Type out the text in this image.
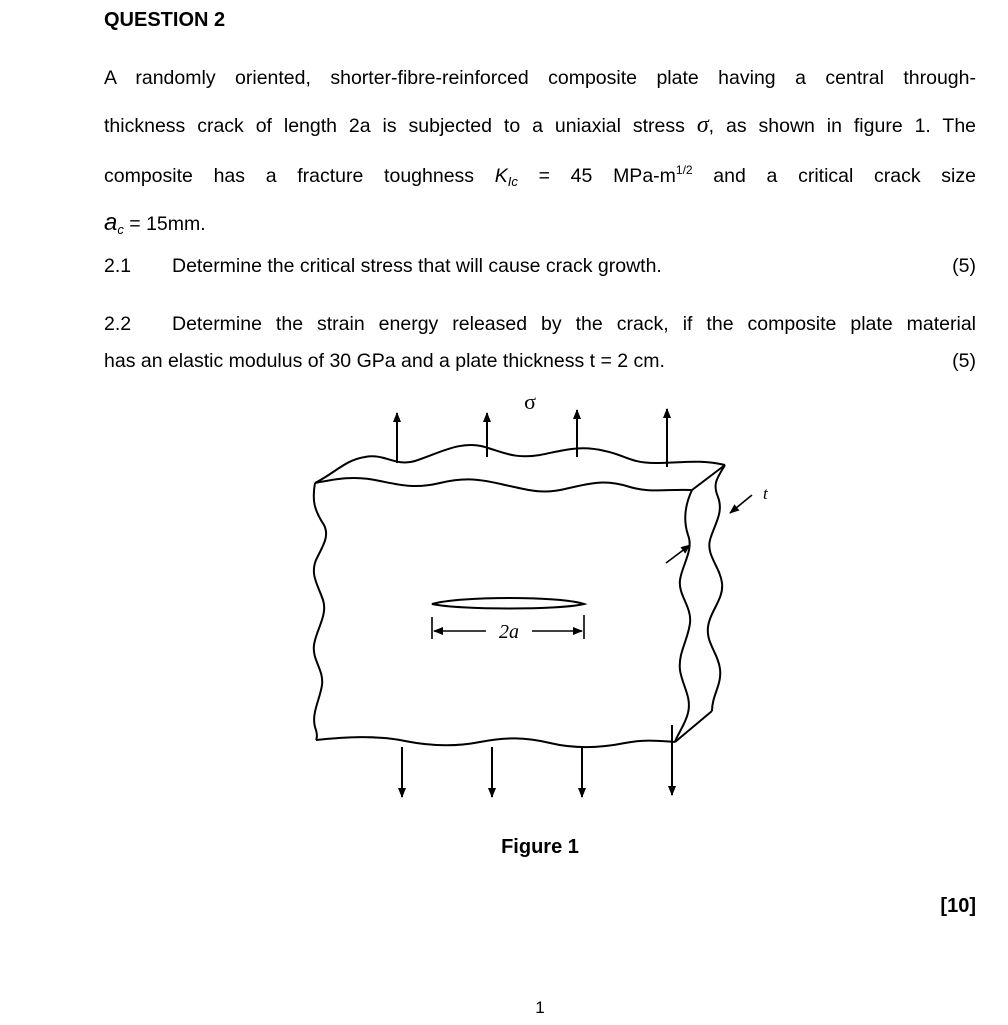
QUESTION 2
A randomly oriented, shorter-fibre-reinforced composite plate having a central through-
thickness crack of length 2a is subjected to a uniaxial stress σ, as shown in figure 1. The
composite has a fracture toughness $K_{Ic} = 45$ MPa-$m^{1/2}$ and a critical crack size
$a_c = 15mm$.
2.1 Determine the critical stress that will cause crack growth.	(5)
2.2 Determine the strain energy released by the crack, if the composite plate material
has an elastic modulus of 30 GPa and a plate thickness t = 2 cm.	(5)
σ
t
2a
Figure 1
[10]
1
